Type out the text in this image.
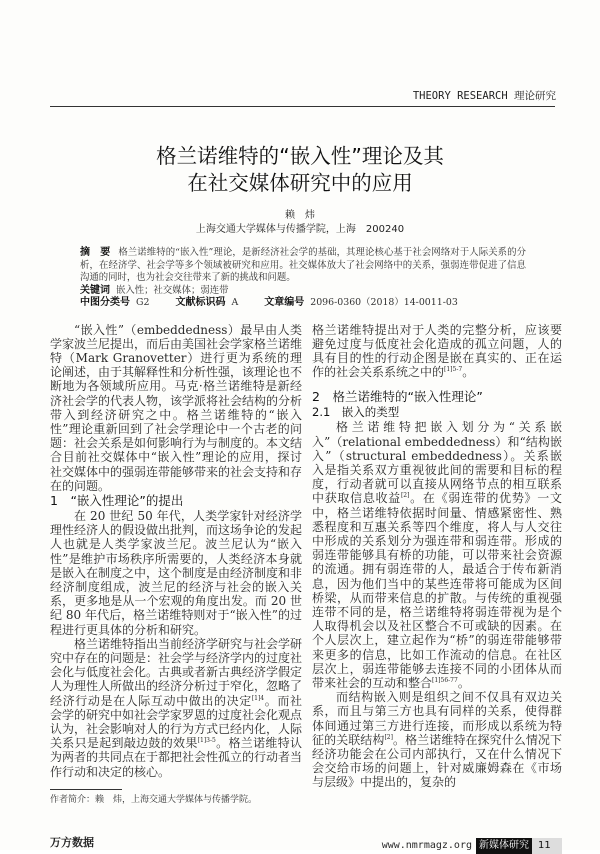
THEORY RESEARCH 理论研究
格兰诺维特的“嵌入性”理论及其
在社交媒体研究中的应用
赖　炜
上海交通大学媒体与传播学院，上海　200240
摘　要 格兰诺维特的“嵌入性”理论，是新经济社会学的基础，其理论核心基于社会网络对于人际关系的分析，在经济学、社会学等多个领域被研究和应用。社交媒体放大了社会网络中的关系，强弱连带促进了信息沟通的同时，也为社会交往带来了新的挑战和问题。
关键词 嵌入性；社交媒体；弱连带
中图分类号 G2	文献标识码 A	文章编号 2096-0360（2018）14-0011-03

“嵌入性”（embeddedness）最早由人类学家波兰尼提出，而后由美国社会学家格兰诺维特（Mark Granovetter）进行更为系统的理论阐述，由于其解释性和分析性强，该理论也不断地为各领域所应用。马克·格兰诺维特是新经济社会学的代表人物，该学派将社会结构的分析带入到经济研究之中。格兰诺维特的“嵌入性”理论重新回到了社会学理论中一个古老的问题：社会关系是如何影响行为与制度的。本文结合目前社交媒体中“嵌入性”理论的应用，探讨社交媒体中的强弱连带能够带来的社会支持和存在的问题。

1　“嵌入性理论”的提出

在 20 世纪 50 年代，人类学家针对经济学理性经济人的假设做出批判，而这场争论的发起人也就是人类学家波兰尼。波兰尼认为“嵌入性”是维护市场秩序所需要的，人类经济本身就是嵌入在制度之中，这个制度是由经济制度和非经济制度组成，波兰尼的经济与社会的嵌入关系，更多地是从一个宏观的角度出发。而 20 世纪 80 年代后，格兰诺维特则对于“嵌入性”的过程进行更具体的分析和研究。

格兰诺维特指出当前经济学研究与社会学研究中存在的问题是：社会学与经济学内的过度社会化与低度社会化。古典或者新古典经济学假定人为理性人所做出的经济分析过于窄化，忽略了经济行动是在人际互动中做出的决定$^{[1]4}$。而社会学的研究中如社会学家罗恩的过度社会化观点认为，社会影响对人的行为方式已经内化，人际关系只是起到敲边鼓的效果$^{[1]3-5}$。格兰诺维特认为两者的共同点在于都把社会性孤立的行动者当作行动和决定的核心。

作者简介：赖　炜，上海交通大学媒体与传播学院。
万方数据

格兰诺维特提出对于人类的完整分析，应该要避免过度与低度社会化造成的孤立问题，人的具有目的性的行动企图是嵌在真实的、正在运作的社会关系系统之中的$^{[1]5-7}$。

2　格兰诺维特的“嵌入性理论”

2.1　嵌入的类型

格兰诺维特把嵌入划分为“关系嵌入”（relational embeddedness）和“结构嵌入”（structural embeddedness）。关系嵌入是指关系双方重视彼此间的需要和目标的程度，行动者就可以直接从网络节点的相互联系中获取信息收益[2]。在《弱连带的优势》一文中，格兰诺维特依据时间量、情感紧密性、熟悉程度和互惠关系等四个维度，将人与人交往中形成的关系划分为强连带和弱连带。形成的弱连带能够具有桥的功能，可以带来社会资源的流通。拥有弱连带的人，最适合于传布新消息，因为他们当中的某些连带将可能成为区间桥梁，从而带来信息的扩散。与传统的重视强连带不同的是，格兰诺维特将弱连带视为是个人取得机会以及社区整合不可或缺的因素。在个人层次上，建立起作为“桥”的弱连带能够带来更多的信息，比如工作流动的信息。在社区层次上，弱连带能够去连接不同的小团体从而带来社会的互动和整合$^{[1]56-77}$。

而结构嵌入则是组织之间不仅具有双边关系，而且与第三方也具有同样的关系，使得群体间通过第三方进行连接，而形成以系统为特征的关联结构[2]。格兰诺维特在探究什么情况下经济功能会在公司内部执行，又在什么情况下会交给市场的问题上，针对威廉姆森在《市场与层级》中提出的，复杂的

www.nmrmagz.org 新媒体研究 11
